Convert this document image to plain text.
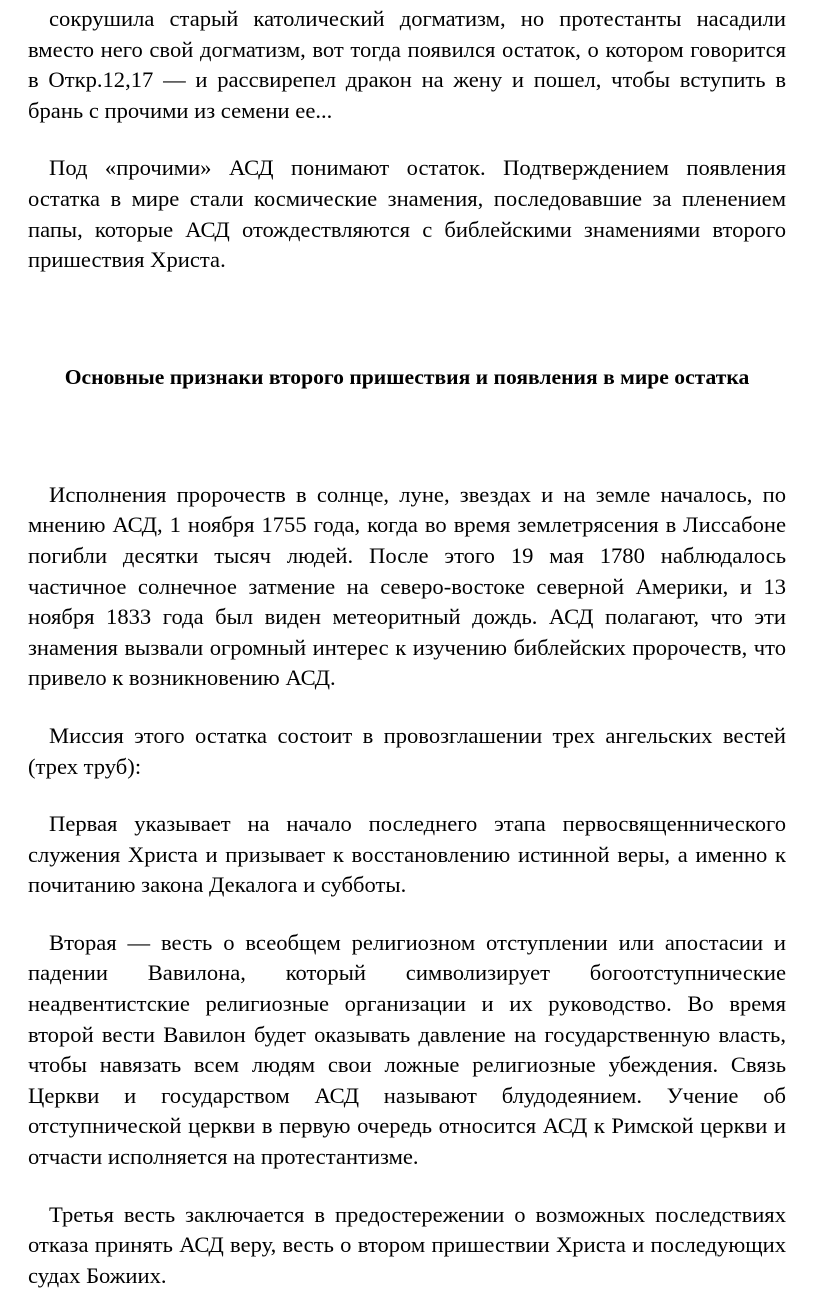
сокрушила старый католический догматизм, но протестанты насадили вместо него свой догматизм, вот тогда появился остаток, о котором говорится в Откр.12,17 — и рассвирепел дракон на жену и пошел, чтобы вступить в брань с прочими из семени ее...

Под «прочими» АСД понимают остаток. Подтверждением появления остатка в мире стали космические знамения, последовавшие за пленением папы, которые АСД отождествляются с библейскими знамениями второго пришествия Христа.

Основные признаки второго пришествия и появления в мире остатка

Исполнения пророчеств в солнце, луне, звездах и на земле началось, по мнению АСД, 1 ноября 1755 года, когда во время землетрясения в Лиссабоне погибли десятки тысяч людей. После этого 19 мая 1780 наблюдалось частичное солнечное затмение на северо-востоке северной Америки, и 13 ноября 1833 года был виден метеоритный дождь. АСД полагают, что эти знамения вызвали огромный интерес к изучению библейских пророчеств, что привело к возникновению АСД.

Миссия этого остатка состоит в провозглашении трех ангельских вестей (трех труб):

Первая указывает на начало последнего этапа первосвященнического служения Христа и призывает к восстановлению истинной веры, а именно к почитанию закона Декалога и субботы.

Вторая — весть о всеобщем религиозном отступлении или апостасии и падении Вавилона, который символизирует богоотступнические неадвентистские религиозные организации и их руководство. Во время второй вести Вавилон будет оказывать давление на государственную власть, чтобы навязать всем людям свои ложные религиозные убеждения. Связь Церкви и государством АСД называют блудодеянием. Учение об отступнической церкви в первую очередь относится АСД к Римской церкви и отчасти исполняется на протестантизме.

Третья весть заключается в предостережении о возможных последствиях отказа принять АСД веру, весть о втором пришествии Христа и последующих судах Божиих.
